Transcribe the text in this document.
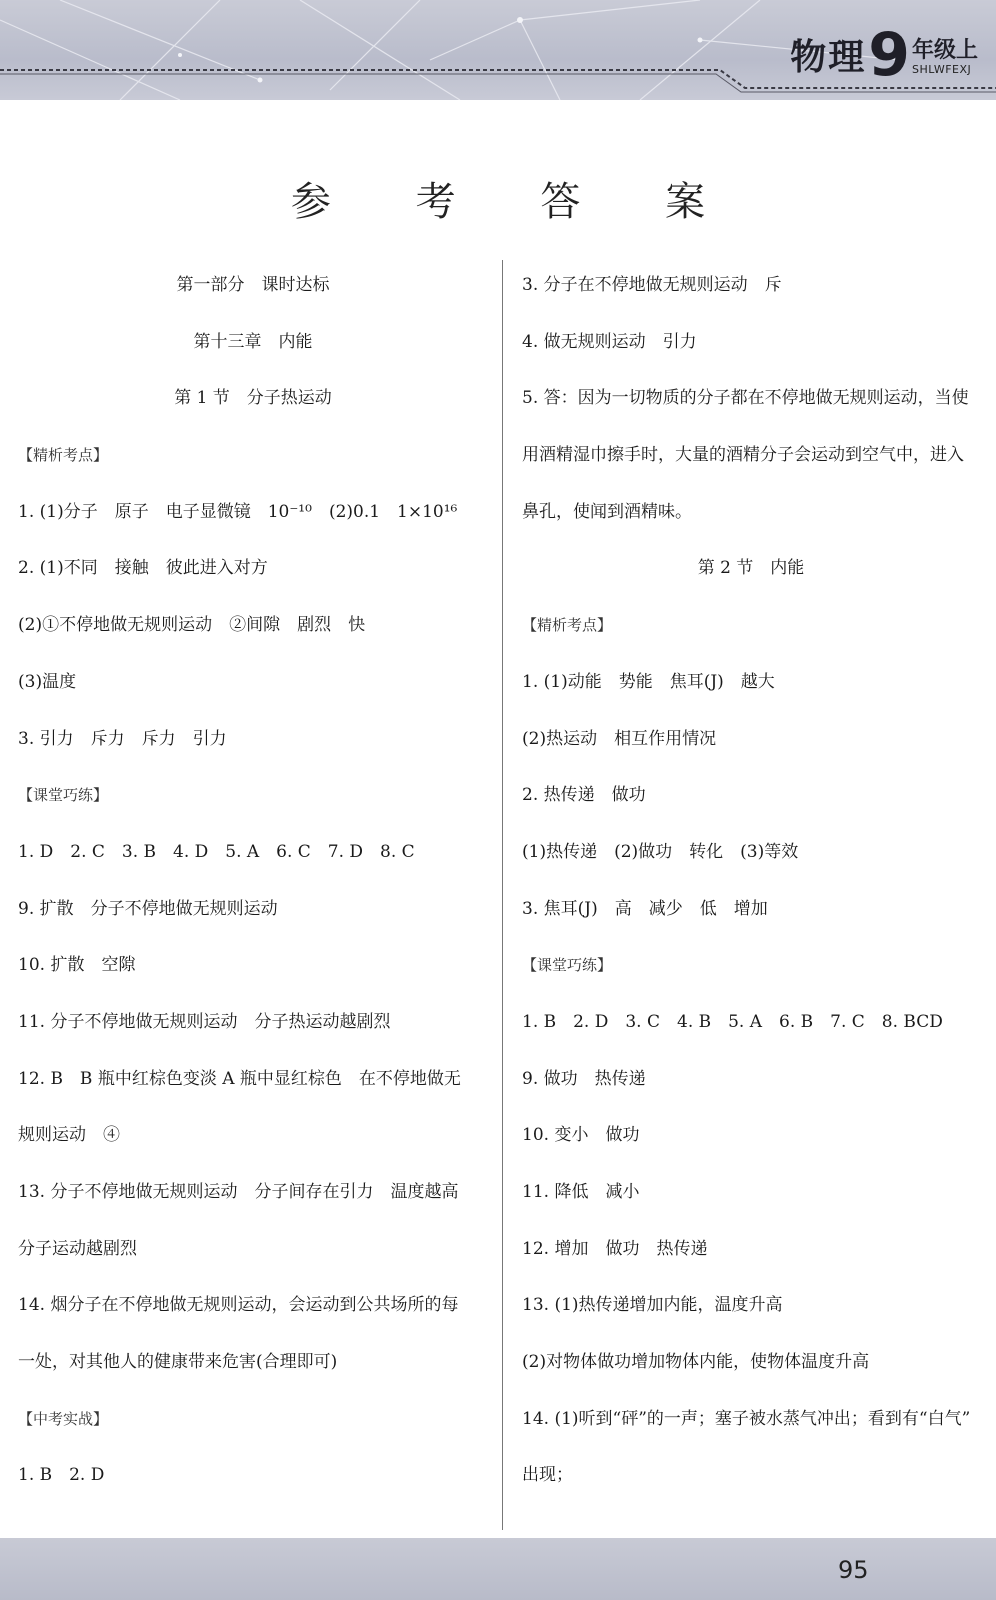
物理 9 年级上
SHLWFEXJ
参 考 答 案
第一部分　课时达标
第十三章　内能
第 1 节　分子热运动
【精析考点】
1. (1)分子　原子　电子显微镜　10⁻¹⁰　(2)0.1　1×10¹⁶
2. (1)不同　接触　彼此进入对方
(2)①不停地做无规则运动　②间隙　剧烈　快
(3)温度
3. 引力　斥力　斥力　引力
【课堂巧练】
1. D　2. C　3. B　4. D　5. A　6. C　7. D　8. C
9. 扩散　分子不停地做无规则运动
10. 扩散　空隙
11. 分子不停地做无规则运动　分子热运动越剧烈
12. B　B 瓶中红棕色变淡 A 瓶中显红棕色　在不停地做无
规则运动　④
13. 分子不停地做无规则运动　分子间存在引力　温度越高
分子运动越剧烈
14. 烟分子在不停地做无规则运动，会运动到公共场所的每
一处，对其他人的健康带来危害(合理即可)
【中考实战】
1. B　2. D
3. 分子在不停地做无规则运动　斥
4. 做无规则运动　引力
5. 答：因为一切物质的分子都在不停地做无规则运动，当使
用酒精湿巾擦手时，大量的酒精分子会运动到空气中，进入
鼻孔，使闻到酒精味。
第 2 节　内能
【精析考点】
1. (1)动能　势能　焦耳(J)　越大
(2)热运动　相互作用情况
2. 热传递　做功
(1)热传递　(2)做功　转化　(3)等效
3. 焦耳(J)　高　减少　低　增加
【课堂巧练】
1. B　2. D　3. C　4. B　5. A　6. B　7. C　8. BCD
9. 做功　热传递
10. 变小　做功
11. 降低　减小
12. 增加　做功　热传递
13. (1)热传递增加内能，温度升高
(2)对物体做功增加物体内能，使物体温度升高
14. (1)听到“砰”的一声；塞子被水蒸气冲出；看到有“白气”
出现；
95
